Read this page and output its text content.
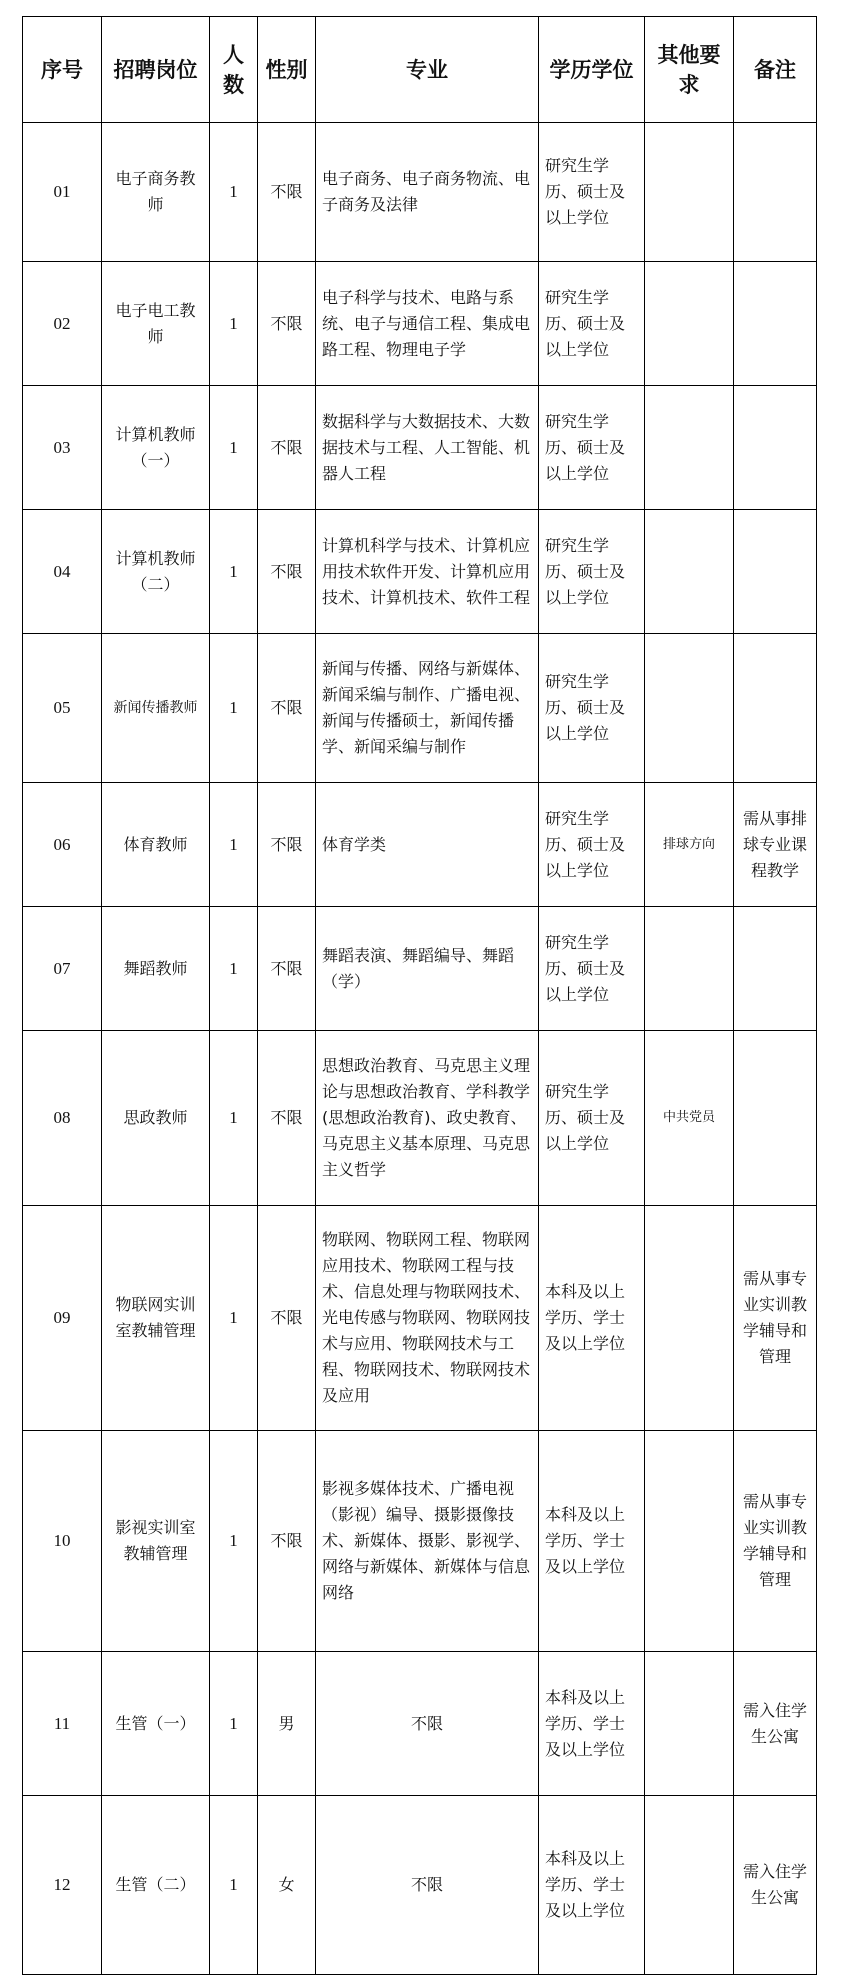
序号	招聘岗位	人数	性别	专业	学历学位	其他要求	备注
01	电子商务教师	1	不限	电子商务、电子商务物流、电子商务及法律	研究生学历、硕士及以上学位		
02	电子电工教师	1	不限	电子科学与技术、电路与系统、电子与通信工程、集成电路工程、物理电子学	研究生学历、硕士及以上学位		
03	计算机教师（一）	1	不限	数据科学与大数据技术、大数据技术与工程、人工智能、机器人工程	研究生学历、硕士及以上学位		
04	计算机教师（二）	1	不限	计算机科学与技术、计算机应用技术软件开发、计算机应用技术、计算机技术、软件工程	研究生学历、硕士及以上学位		
05	新闻传播教师	1	不限	新闻与传播、网络与新媒体、新闻采编与制作、广播电视、新闻与传播硕士，新闻传播学、新闻采编与制作	研究生学历、硕士及以上学位		
06	体育教师	1	不限	体育学类	研究生学历、硕士及以上学位	排球方向	需从事排球专业课程教学
07	舞蹈教师	1	不限	舞蹈表演、舞蹈编导、舞蹈（学）	研究生学历、硕士及以上学位		
08	思政教师	1	不限	思想政治教育、马克思主义理论与思想政治教育、学科教学(思想政治教育)、政史教育、马克思主义基本原理、马克思主义哲学	研究生学历、硕士及以上学位	中共党员	
09	物联网实训室教辅管理	1	不限	物联网、物联网工程、物联网应用技术、物联网工程与技术、信息处理与物联网技术、光电传感与物联网、物联网技术与应用、物联网技术与工程、物联网技术、物联网技术及应用	本科及以上学历、学士及以上学位		需从事专业实训教学辅导和管理
10	影视实训室教辅管理	1	不限	影视多媒体技术、广播电视（影视）编导、摄影摄像技术、新媒体、摄影、影视学、网络与新媒体、新媒体与信息网络	本科及以上学历、学士及以上学位		需从事专业实训教学辅导和管理
11	生管（一）	1	男	不限	本科及以上学历、学士及以上学位		需入住学生公寓
12	生管（二）	1	女	不限	本科及以上学历、学士及以上学位		需入住学生公寓
